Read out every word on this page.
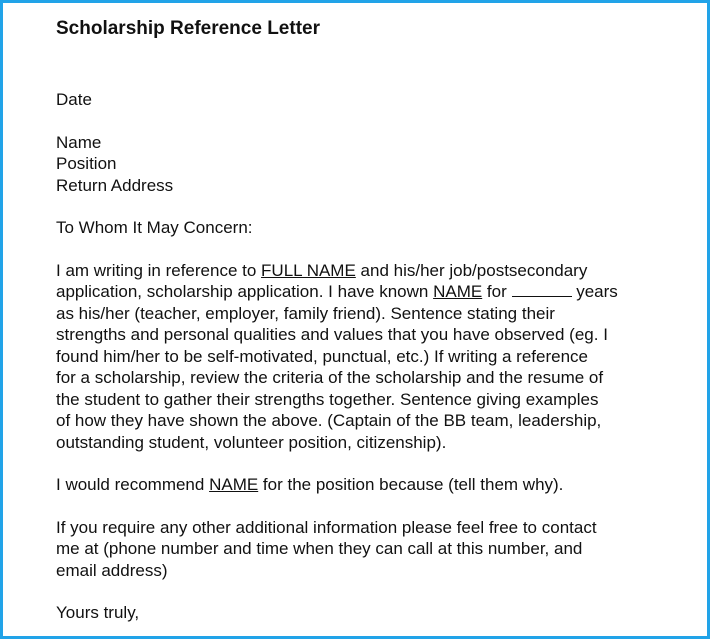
Scholarship Reference Letter

Date

Name

Position

Return Address

To Whom It May Concern:

I am writing in reference to FULL NAME and his/her job/postsecondary

application, scholarship application. I have known NAME for	years

as his/her (teacher, employer, family friend). Sentence stating their

strengths and personal qualities and values that you have observed (eg. I

found him/her to be self-motivated, punctual, etc.) If writing a reference

for a scholarship, review the criteria of the scholarship and the resume of

the student to gather their strengths together. Sentence giving examples

of how they have shown the above. (Captain of the BB team, leadership,

outstanding student, volunteer position, citizenship).

I would recommend NAME for the position because (tell them why).

If you require any other additional information please feel free to contact

me at (phone number and time when they can call at this number, and

email address)

Yours truly,
